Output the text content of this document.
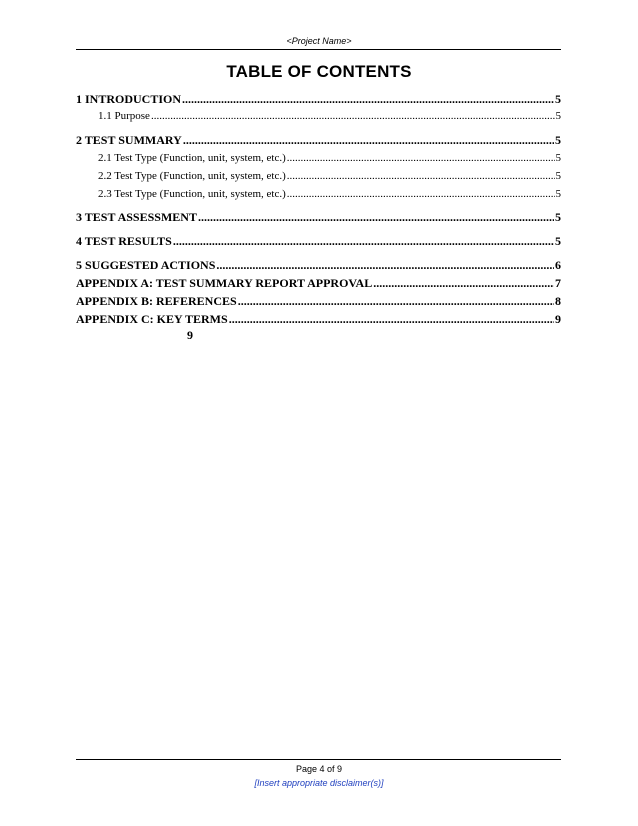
<Project Name>
TABLE OF CONTENTS
1 INTRODUCTION .....	5
1.1 Purpose .....	5
2 TEST SUMMARY .....	5
2.1 Test Type (Function, unit, system, etc.) .....	5
2.2 Test Type (Function, unit, system, etc.) .....	5
2.3 Test Type (Function, unit, system, etc.) .....	5
3 TEST ASSESSMENT .....	5
4 TEST RESULTS .....	5
5 SUGGESTED ACTIONS .....	6
APPENDIX A: TEST SUMMARY REPORT APPROVAL .....	7
APPENDIX B: REFERENCES .....	8
APPENDIX C: KEY TERMS .....	9
9
Page 4 of 9
[Insert appropriate disclaimer(s)]
